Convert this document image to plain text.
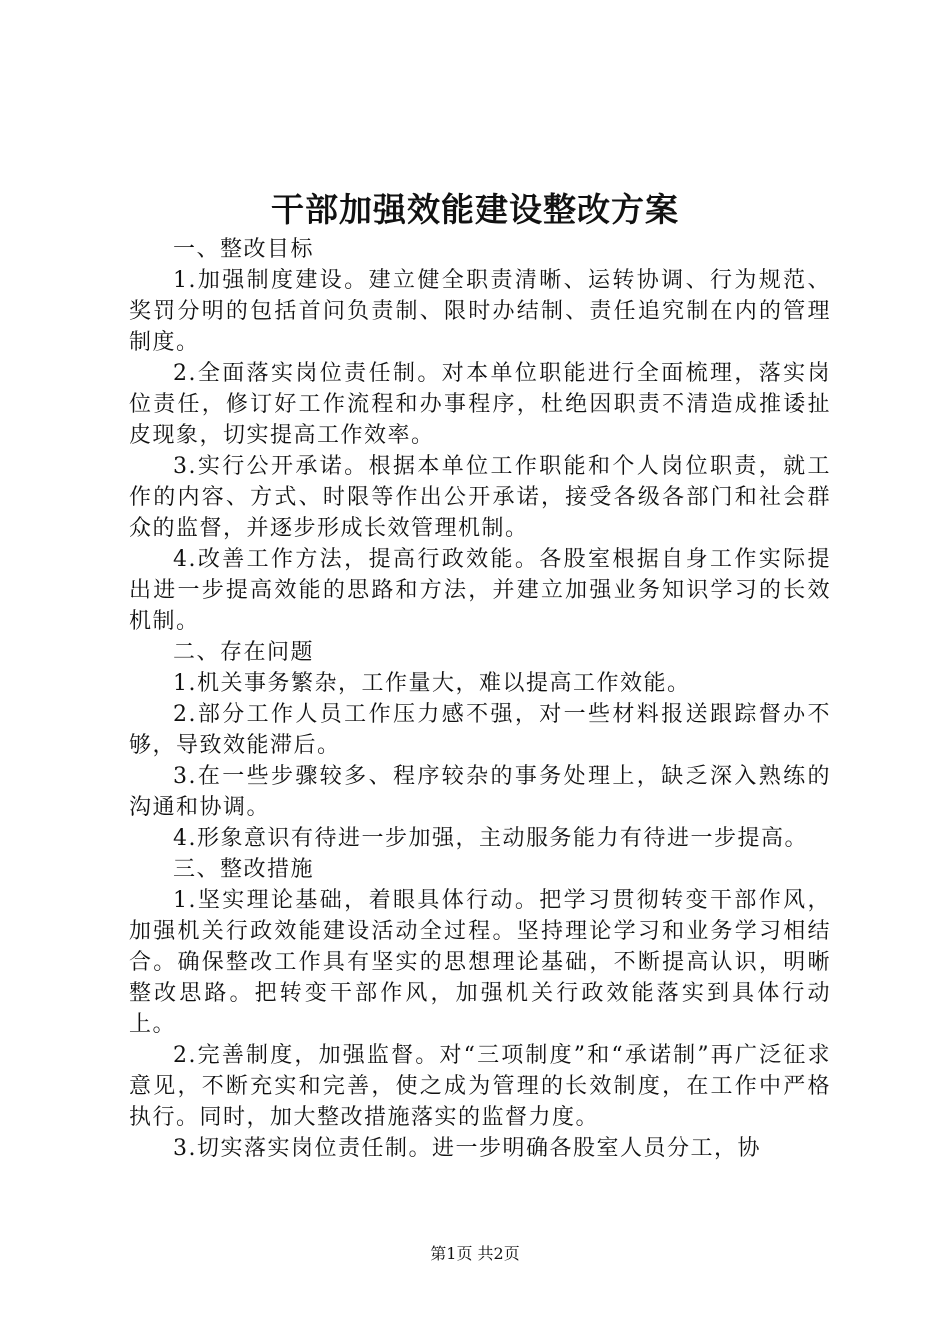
干部加强效能建设整改方案

一、整改目标

1.加强制度建设。建立健全职责清晰、运转协调、行为规范、奖罚分明的包括首问负责制、限时办结制、责任追究制在内的管理制度。

2.全面落实岗位责任制。对本单位职能进行全面梳理，落实岗位责任，修订好工作流程和办事程序，杜绝因职责不清造成推诿扯皮现象，切实提高工作效率。

3.实行公开承诺。根据本单位工作职能和个人岗位职责，就工作的内容、方式、时限等作出公开承诺，接受各级各部门和社会群众的监督，并逐步形成长效管理机制。

4.改善工作方法，提高行政效能。各股室根据自身工作实际提出进一步提高效能的思路和方法，并建立加强业务知识学习的长效机制。

二、存在问题

1.机关事务繁杂，工作量大，难以提高工作效能。

2.部分工作人员工作压力感不强，对一些材料报送跟踪督办不够，导致效能滞后。

3.在一些步骤较多、程序较杂的事务处理上，缺乏深入熟练的沟通和协调。

4.形象意识有待进一步加强，主动服务能力有待进一步提高。

三、整改措施

1.坚实理论基础，着眼具体行动。把学习贯彻转变干部作风，加强机关行政效能建设活动全过程。坚持理论学习和业务学习相结合。确保整改工作具有坚实的思想理论基础，不断提高认识，明晰整改思路。把转变干部作风，加强机关行政效能落实到具体行动上。

2.完善制度，加强监督。对“三项制度”和“承诺制”再广泛征求意见，不断充实和完善，使之成为管理的长效制度，在工作中严格执行。同时，加大整改措施落实的监督力度。

3.切实落实岗位责任制。进一步明确各股室人员分工，协

第1页 共2页
